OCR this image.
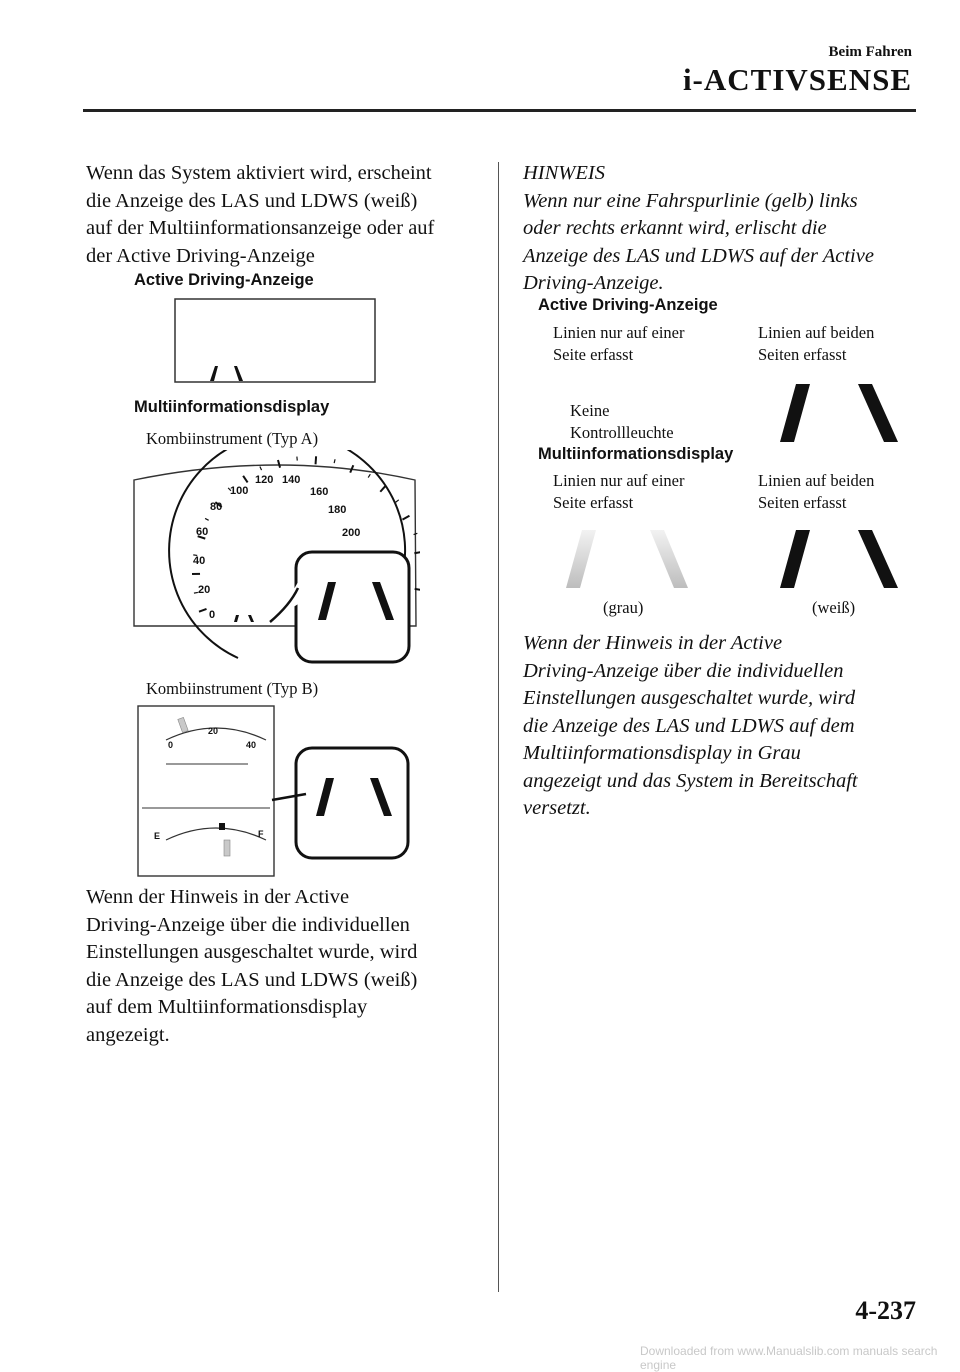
Beim Fahren
i-ACTIVSENSE
Wenn das System aktiviert wird, erscheint
die Anzeige des LAS und LDWS (weiß)
auf der Multiinformationsanzeige oder auf
der Active Driving-Anzeige
Active Driving-Anzeige
Multiinformationsdisplay
Kombiinstrument (Typ A)
0
20
40
60
80
100
120 140
160
180
200
Kombiinstrument (Typ B)
0
20
40
E	F
Wenn der Hinweis in der Active
Driving-Anzeige über die individuellen
Einstellungen ausgeschaltet wurde, wird
die Anzeige des LAS und LDWS (weiß)
auf dem Multiinformationsdisplay
angezeigt.
HINWEIS
Wenn nur eine Fahrspurlinie (gelb) links
oder rechts erkannt wird, erlischt die
Anzeige des LAS und LDWS auf der Active
Driving-Anzeige.
Active Driving-Anzeige
Linien nur auf einer
Seite erfasst
Linien auf beiden
Seiten erfasst
Keine
Kontrollleuchte
Multiinformationsdisplay
Linien nur auf einer
Seite erfasst
Linien auf beiden
Seiten erfasst
(grau)	(weiß)
Wenn der Hinweis in der Active
Driving-Anzeige über die individuellen
Einstellungen ausgeschaltet wurde, wird
die Anzeige des LAS und LDWS auf dem
Multiinformationsdisplay in Grau
angezeigt und das System in Bereitschaft
versetzt.
4-237
Downloaded from www.Manualslib.com manuals search engine
